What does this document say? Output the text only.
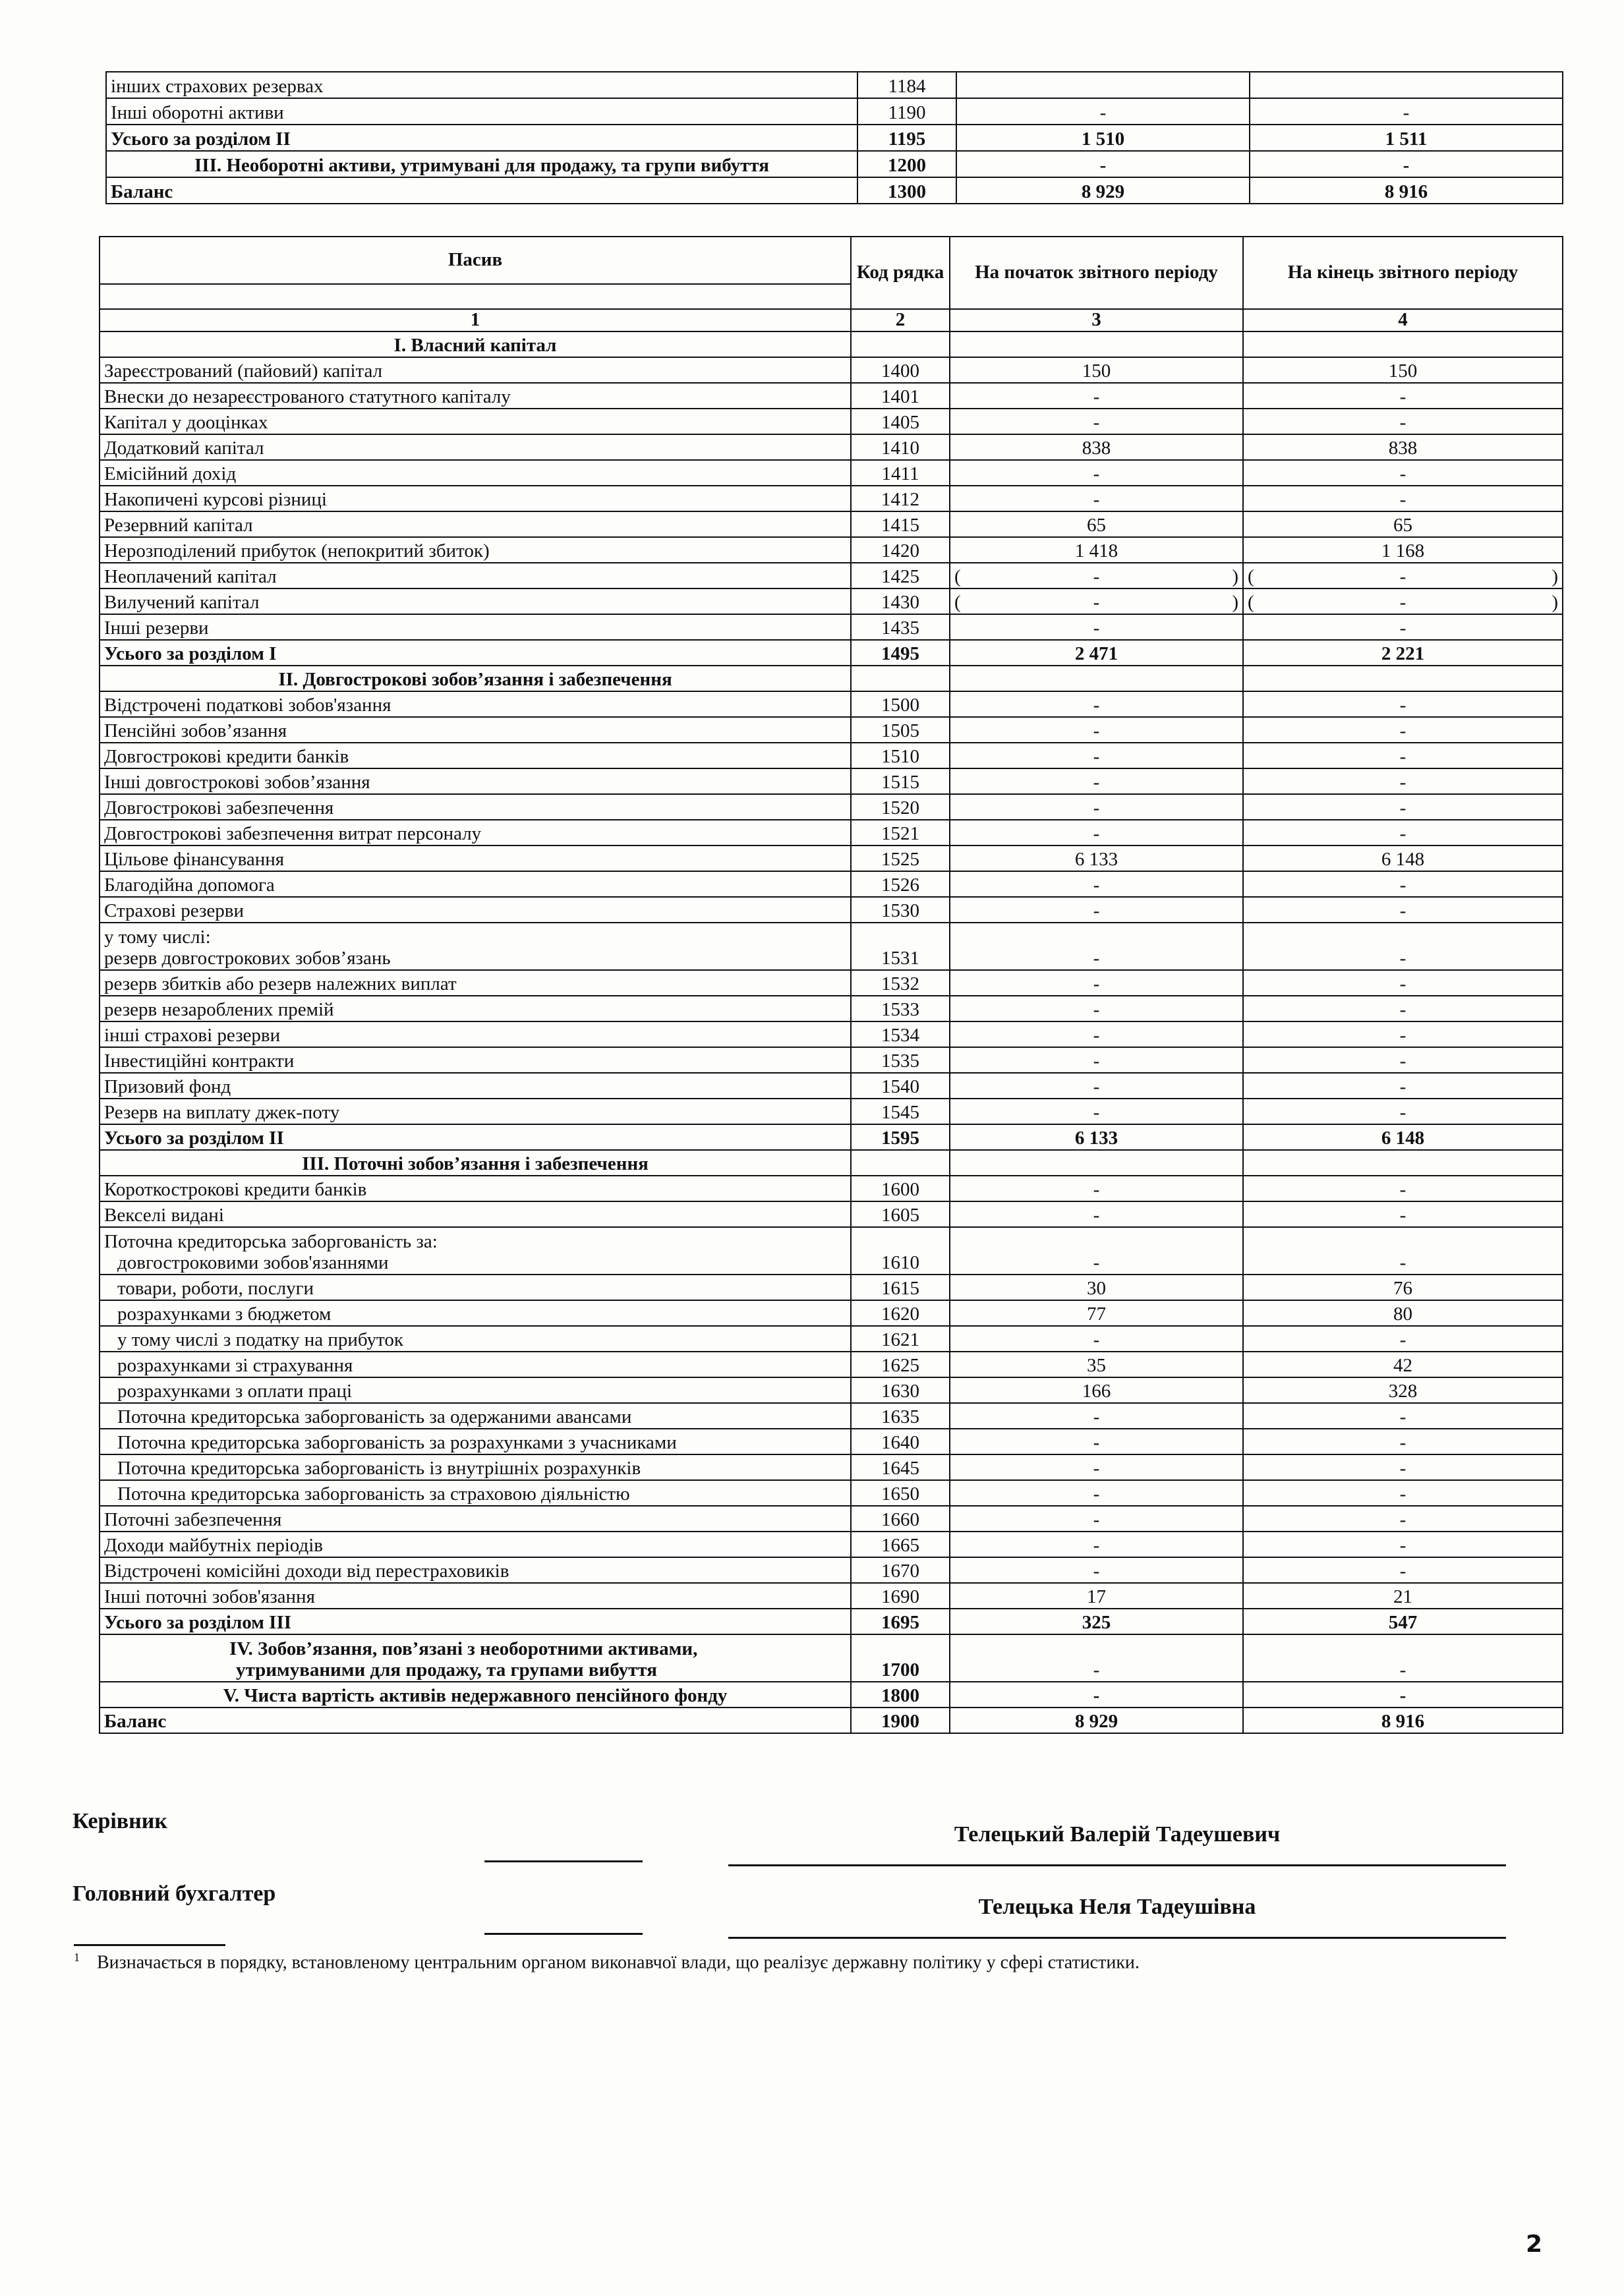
інших страхових резервах	1184		
Інші оборотні активи	1190	-	-
Усього за розділом II	1195	1 510	1 511
III. Необоротні активи, утримувані для продажу, та групи вибуття	1200	-	-
Баланс	1300	8 929	8 916
Пасив	Код рядка	На початок звітного періоду	На кінець звітного періоду

1	2	3	4
I. Власний капітал			
Зареєстрований (пайовий) капітал	1400	150	150
Внески до незареєстрованого статутного капіталу	1401	-	-
Капітал у дооцінках	1405	-	-
Додатковий капітал	1410	838	838
Емісійний дохід	1411	-	-
Накопичені курсові різниці	1412	-	-
Резервний капітал	1415	65	65
Нерозподілений прибуток (непокритий збиток)	1420	1 418	1 168
Неоплачений капітал	1425	( - )	( - )

Вилучений капітал	1430	( - )	( - )

Інші резерви	1435	-	-
Усього за розділом I	1495	2 471	2 221
II. Довгострокові зобов’язання і забезпечення			
Відстрочені податкові зобов'язання	1500	-	-
Пенсійні зобов’язання	1505	-	-
Довгострокові кредити банків	1510	-	-
Інші довгострокові зобов’язання	1515	-	-
Довгострокові забезпечення	1520	-	-
Довгострокові забезпечення витрат персоналу	1521	-	-
Цільове фінансування	1525	6 133	6 148
Благодійна допомога	1526	-	-
Страхові резерви	1530	-	-

у тому числі:
резерв довгострокових зобов’язань	1531	-	-
резерв збитків або резерв належних виплат	1532	-	-
резерв незароблених премій	1533	-	-
інші страхові резерви	1534	-	-
Інвестиційні контракти	1535	-	-
Призовий фонд	1540	-	-
Резерв на виплату джек-поту	1545	-	-
Усього за розділом II	1595	6 133	6 148
III. Поточні зобов’язання і забезпечення			
Короткострокові кредити банків	1600	-	-
Векселі видані	1605	-	-

Поточна кредиторська заборгованість за:
довгостроковими зобов'язаннями	1610	-	-
товари, роботи, послуги	1615	30	76
розрахунками з бюджетом	1620	77	80
у тому числі з податку на прибуток	1621	-	-
розрахунками зі страхування	1625	35	42
розрахунками з оплати праці	1630	166	328
Поточна кредиторська заборгованість за одержаними авансами	1635	-	-
Поточна кредиторська заборгованість за розрахунками з учасниками	1640	-	-
Поточна кредиторська заборгованість із внутрішніх розрахунків	1645	-	-
Поточна кредиторська заборгованість за страховою діяльністю	1650	-	-
Поточні забезпечення	1660	-	-
Доходи майбутніх періодів	1665	-	-
Відстрочені комісійні доходи від перестраховиків	1670	-	-
Інші поточні зобов'язання	1690	17	21
Усього за розділом III	1695	325	547

IV. Зобов’язання, пов’язані з необоротними активами,
утримуваними для продажу, та групами вибуття	1700	-	-
V. Чиста вартість активів недержавного пенсійного фонду	1800	-	-
Баланс	1900	8 929	8 916
Керівник
Телецький Валерій Тадеушевич
Головний бухгалтер
Телецька Неля Тадеушівна
$^1$ Визначається в порядку, встановленому центральним органом виконавчої влади, що реалізує державну політику у сфері статистики.
2
